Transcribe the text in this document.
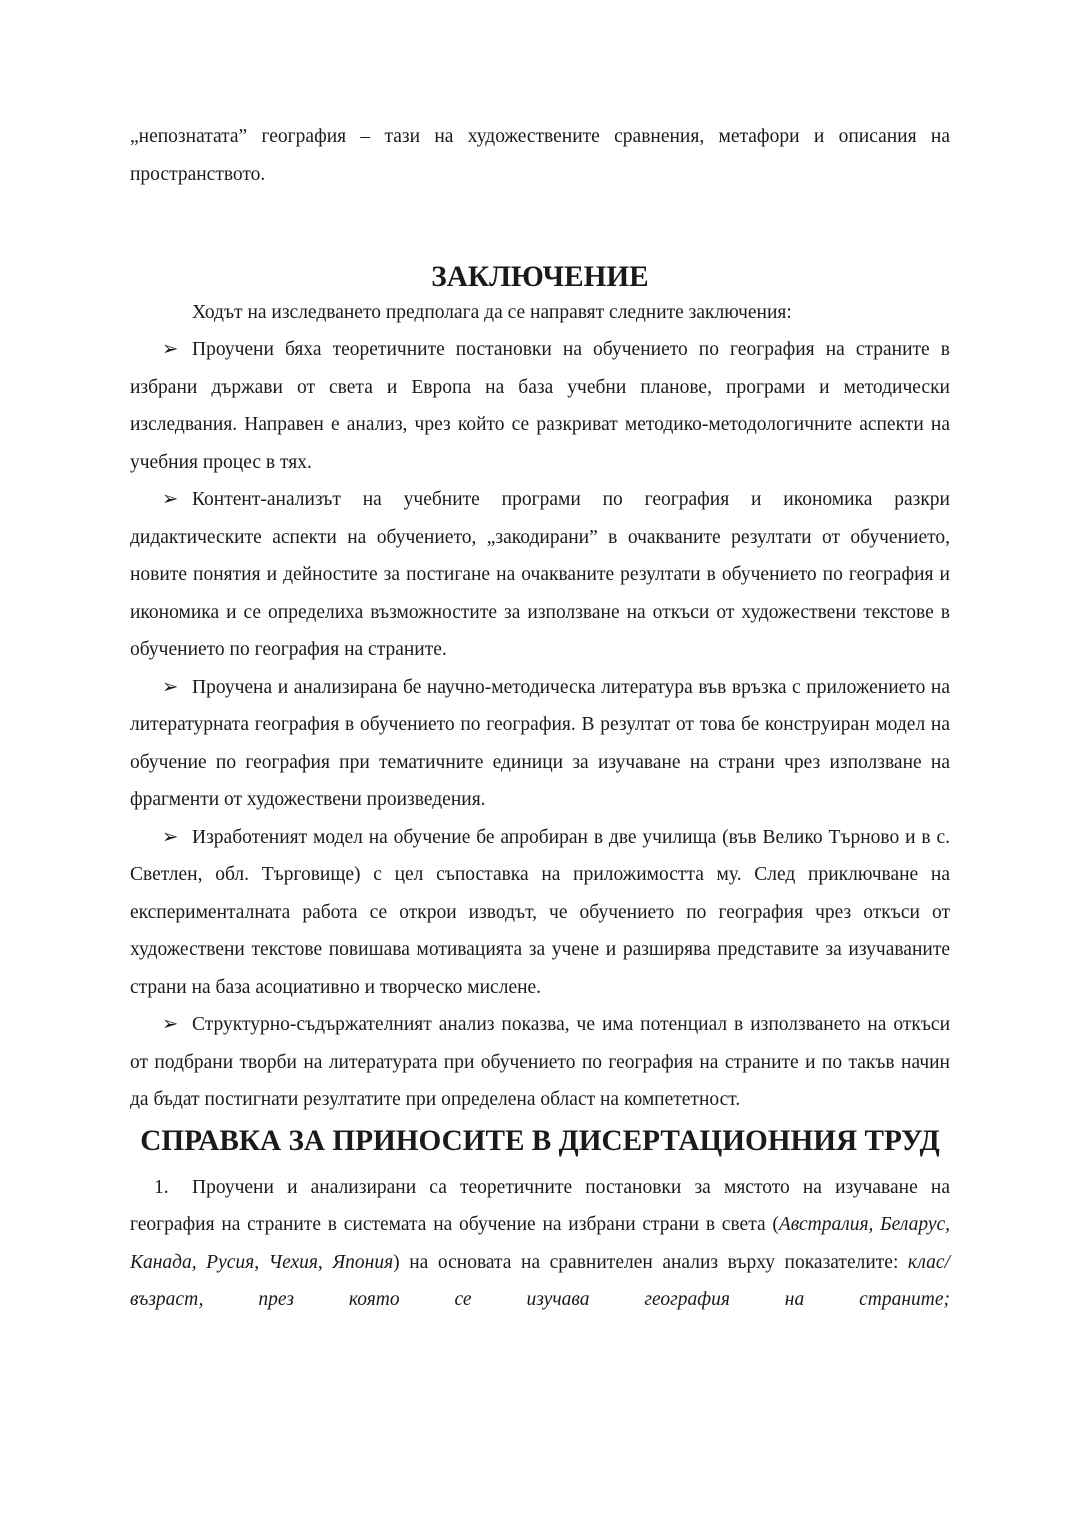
„непознатата” география – тази на художествените сравнения, метафори и описания на пространството.

ЗАКЛЮЧЕНИЕ

Ходът на изследването предполага да се направят следните заключения:

➢ Проучени бяха теоретичните постановки на обучението по география на страните в избрани държави от света и Европа на база учебни планове, програми и методически изследвания. Направен е анализ, чрез който се разкриват методико-методологичните аспекти на учебния процес в тях.

➢ Контент-анализът на учебните програми по география и икономика разкри дидактическите аспекти на обучението, „закодирани” в очакваните резултати от обучението, новите понятия и дейностите за постигане на очакваните резултати в обучението по география и икономика и се определиха възможностите за използване на откъси от художествени текстове в обучението по география на страните.

➢ Проучена и анализирана бе научно-методическа литература във връзка с приложението на литературната география в обучението по география. В резултат от това бе конструиран модел на обучение по география при тематичните единици за изучаване на страни чрез използване на фрагменти от художествени произведения.

➢ Изработеният модел на обучение бе апробиран в две училища (във Велико Търново и в с. Светлен, обл. Търговище) с цел съпоставка на приложимостта му. След приключване на експерименталната работа се открои изводът, че обучението по география чрез откъси от художествени текстове повишава мотивацията за учене и разширява представите за изучаваните страни на база асоциативно и творческо мислене.

➢ Структурно-съдържателният анализ показва, че има потенциал в използването на откъси от подбрани творби на литературата при обучението по география на страните и по такъв начин да бъдат постигнати резултатите при определена област на компететност.

СПРАВКА ЗА ПРИНОСИТЕ В ДИСЕРТАЦИОННИЯ ТРУД

1. Проучени и анализирани са теоретичните постановки за мястото на изучаване на география на страните в системата на обучение на избрани страни в света (Австралия, Беларус, Канада, Русия, Чехия, Япония) на основата на сравнителен анализ върху показателите: клас/възраст, през която се изучава география на страните;
